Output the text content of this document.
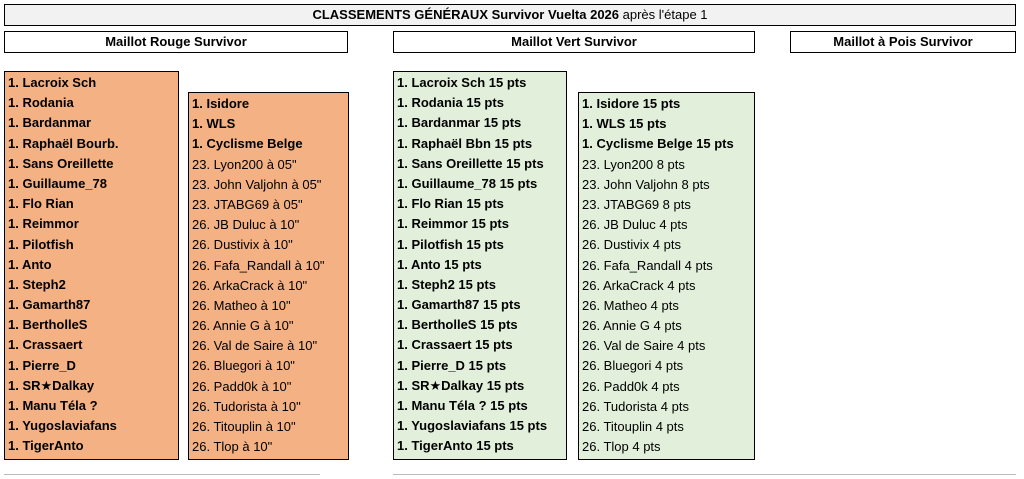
CLASSEMENTS GÉNÉRAUX Survivor Vuelta 2026 après l'étape 1
Maillot Rouge Survivor	Maillot Vert Survivor	Maillot à Pois Survivor
1. Lacroix Sch
1. Rodania
1. Bardanmar
1. Raphaël Bourb.
1. Sans Oreillette
1. Guillaume_78
1. Flo Rian
1. Reimmor
1. Pilotfish
1. Anto
1. Steph2
1. Gamarth87
1. BertholleS
1. Crassaert
1. Pierre_D
1. SR★Dalkay
1. Manu Téla ?
1. Yugoslaviafans
1. TigerAnto
1. Isidore
1. WLS
1. Cyclisme Belge
23. Lyon200 à 05"
23. John Valjohn à 05"
23. JTABG69 à 05"
26. JB Duluc à 10"
26. Dustivix à 10"
26. Fafa_Randall à 10"
26. ArkaCrack à 10"
26. Matheo à 10"
26. Annie G à 10"
26. Val de Saire à 10"
26. Bluegori à 10"
26. Padd0k à 10"
26. Tudorista à 10"
26. Titouplin à 10"
26. Tlop à 10"
1. Lacroix Sch 15 pts
1. Rodania 15 pts
1. Bardanmar 15 pts
1. Raphaël Bbn 15 pts
1. Sans Oreillette 15 pts
1. Guillaume_78 15 pts
1. Flo Rian 15 pts
1. Reimmor 15 pts
1. Pilotfish 15 pts
1. Anto 15 pts
1. Steph2 15 pts
1. Gamarth87 15 pts
1. BertholleS 15 pts
1. Crassaert 15 pts
1. Pierre_D 15 pts
1. SR★Dalkay 15 pts
1. Manu Téla ? 15 pts
1. Yugoslaviafans 15 pts
1. TigerAnto 15 pts
1. Isidore 15 pts
1. WLS 15 pts
1. Cyclisme Belge 15 pts
23. Lyon200 8 pts
23. John Valjohn 8 pts
23. JTABG69 8 pts
26. JB Duluc 4 pts
26. Dustivix 4 pts
26. Fafa_Randall 4 pts
26. ArkaCrack 4 pts
26. Matheo 4 pts
26. Annie G 4 pts
26. Val de Saire 4 pts
26. Bluegori 4 pts
26. Padd0k 4 pts
26. Tudorista 4 pts
26. Titouplin 4 pts
26. Tlop 4 pts
